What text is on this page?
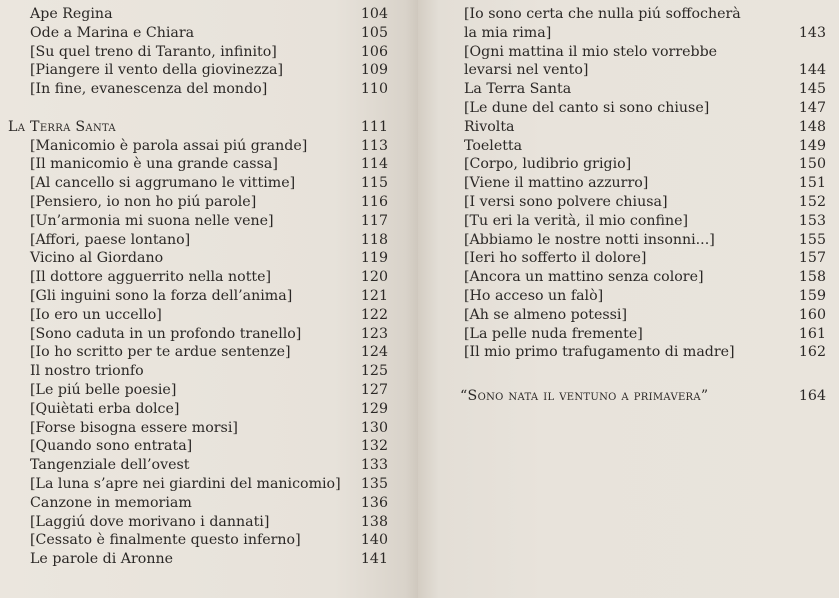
Ape Regina	104
Ode a Marina e Chiara	105
[Su quel treno di Taranto, infinito]	106
[Piangere il vento della giovinezza]	109
[In fine, evanescenza del mondo]	110
La Terra Santa	111
[Manicomio è parola assai piú grande]	113
[Il manicomio è una grande cassa]	114
[Al cancello si aggrumano le vittime]	115
[Pensiero, io non ho piú parole]	116
[Un’armonia mi suona nelle vene]	117
[Affori, paese lontano]	118
Vicino al Giordano	119
[Il dottore agguerrito nella notte]	120
[Gli inguini sono la forza dell’anima]	121
[Io ero un uccello]	122
[Sono caduta in un profondo tranello]	123
[Io ho scritto per te ardue sentenze]	124
Il nostro trionfo	125
[Le piú belle poesie]	127
[Quiètati erba dolce]	129
[Forse bisogna essere morsi]	130
[Quando sono entrata]	132
Tangenziale dell’ovest	133
[La luna s’apre nei giardini del manicomio]	135
Canzone in memoriam	136
[Laggiú dove morivano i dannati]	138
[Cessato è finalmente questo inferno]	140
Le parole di Aronne	141
[Io sono certa che nulla piú soffocherà
la mia rima]	143
[Ogni mattina il mio stelo vorrebbe
levarsi nel vento]	144
La Terra Santa	145
[Le dune del canto si sono chiuse]	147
Rivolta	148
Toeletta	149
[Corpo, ludibrio grigio]	150
[Viene il mattino azzurro]	151
[I versi sono polvere chiusa]	152
[Tu eri la verità, il mio confine]	153
[Abbiamo le nostre notti insonni...]	155
[Ieri ho sofferto il dolore]	157
[Ancora un mattino senza colore]	158
[Ho acceso un falò]	159
[Ah se almeno potessi]	160
[La pelle nuda fremente]	161
[Il mio primo trafugamento di madre]	162
“Sono nata il ventuno a primavera”	164
